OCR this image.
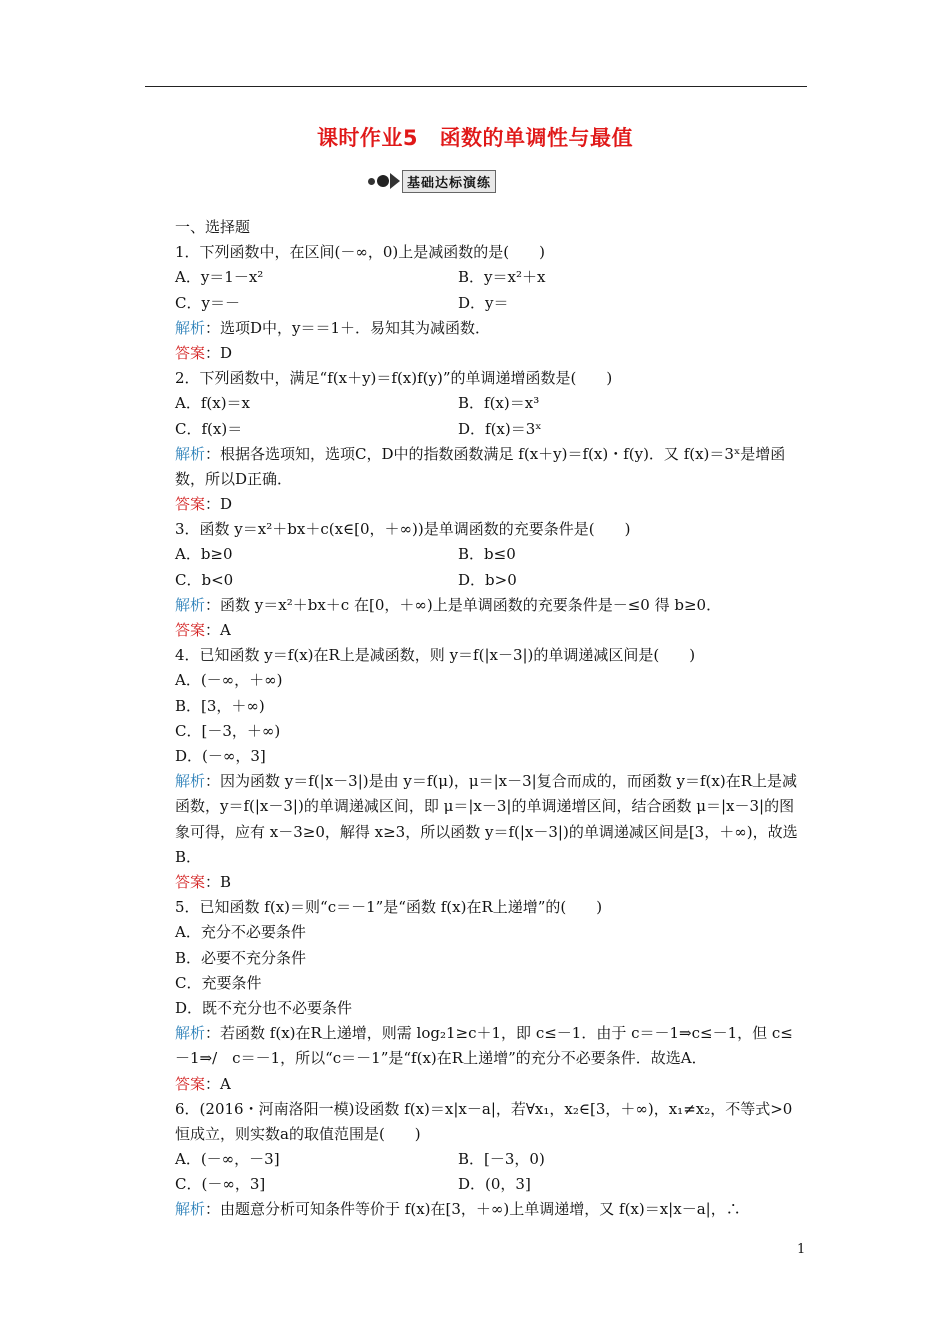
课时作业5　 函数的单调性与最值
基础达标演练
一、选择题
1．下列函数中，在区间(－∞，0)上是减函数的是(　　)
A．y＝1－x²	B．y＝x²＋x
C．y＝－	D．y＝
解析：选项D中，y＝＝1＋．易知其为减函数．
答案：D
2．下列函数中，满足“f(x＋y)＝f(x)f(y)”的单调递增函数是(　　)
A．f(x)＝x	B．f(x)＝x³
C．f(x)＝	D．f(x)＝3ˣ
解析：根据各选项知，选项C，D中的指数函数满足 f(x＋y)＝f(x)・f(y)．又 f(x)＝3ˣ是增函数，所以D正确．
答案：D
3．函数 y＝x²＋bx＋c(x∈[0，＋∞))是单调函数的充要条件是(　　)
A．b≥0	B．b≤0
C．b<0	D．b>0
解析：函数 y＝x²＋bx＋c 在[0，＋∞)上是单调函数的充要条件是－≤0 得 b≥0．
答案：A
4．已知函数 y＝f(x)在R上是减函数，则 y＝f(|x－3|)的单调递减区间是(　　)
A．(－∞，＋∞)
B．[3，＋∞)
C．[－3，＋∞)
D．(－∞，3]
解析：因为函数 y＝f(|x－3|)是由 y＝f(μ)，μ＝|x－3|复合而成的，而函数 y＝f(x)在R上是减函数，y＝f(|x－3|)的单调递减区间，即 μ＝|x－3|的单调递增区间，结合函数 μ＝|x－3|的图象可得，应有 x－3≥0，解得 x≥3，所以函数 y＝f(|x－3|)的单调递减区间是[3，＋∞)，故选B．
答案：B
5．已知函数 f(x)＝则“c＝－1”是“函数 f(x)在R上递增”的(　　)
A．充分不必要条件
B．必要不充分条件
C．充要条件
D．既不充分也不必要条件
解析：若函数 f(x)在R上递增，则需 log₂1≥c＋1，即 c≤－1．由于 c＝－1⇒c≤－1，但 c≤－1⇒/　c＝－1，所以“c＝－1”是“f(x)在R上递增”的充分不必要条件．故选A．
答案：A
6．(2016・河南洛阳一模)设函数 f(x)＝x|x－a|，若∀x₁，x₂∈[3，＋∞)，x₁≠x₂，不等式>0恒成立，则实数a的取值范围是(　　)
A．(－∞，－3]	B．[－3，0)
C．(－∞，3]	D．(0，3]
解析：由题意分析可知条件等价于 f(x)在[3，＋∞)上单调递增，又 f(x)＝x|x－a|，∴
1
